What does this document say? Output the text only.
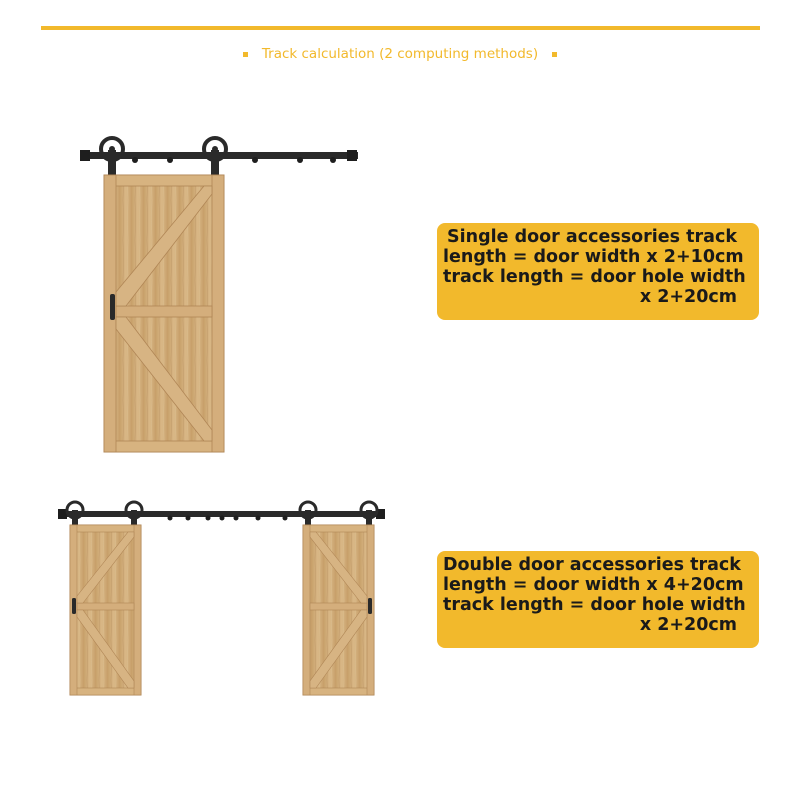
Track calculation (2 computing methods)
Single door accessories track
length = door width x 2+10cm
track length = door hole width
x 2+20cm
Double door accessories track
length = door width x 4+20cm
track length = door hole width
x 2+20cm
